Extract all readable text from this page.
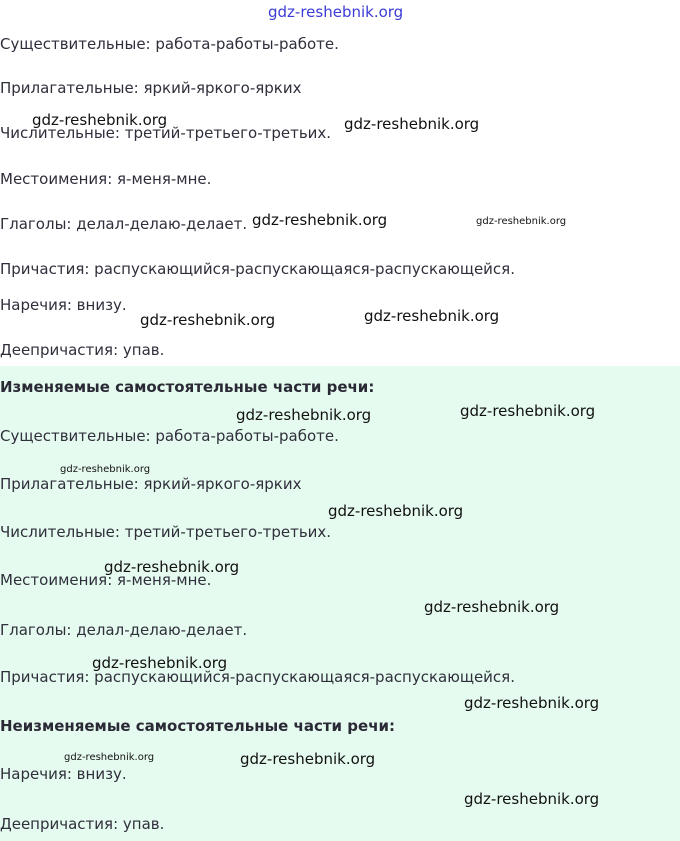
Существительные: работа-работы-работе.
Прилагательные: яркий-яркого-ярких
Числительные: третий-третьего-третьих.
Местоимения: я-меня-мне.
Глаголы: делал-делаю-делает.
Причастия: распускающийся-распускающаяся-распускающейся.
Наречия: внизу.
Деепричастия: упав.
Изменяемые самостоятельные части речи:
Существительные: работа-работы-работе.
Прилагательные: яркий-яркого-ярких
Числительные: третий-третьего-третьих.
Местоимения: я-меня-мне.
Глаголы: делал-делаю-делает.
Причастия: распускающийся-распускающаяся-распускающейся.
Неизменяемые самостоятельные части речи:
Наречия: внизу.
Деепричастия: упав.
gdz-reshebnik.org
gdz-reshebnik.org	gdz-reshebnik.org
gdz-reshebnik.org	gdz-reshebnik.org
gdz-reshebnik.org	gdz-reshebnik.org
gdz-reshebnik.org	gdz-reshebnik.org
gdz-reshebnik.org
gdz-reshebnik.org
gdz-reshebnik.org
gdz-reshebnik.org
gdz-reshebnik.org
gdz-reshebnik.org
gdz-reshebnik.org	gdz-reshebnik.org
gdz-reshebnik.org
